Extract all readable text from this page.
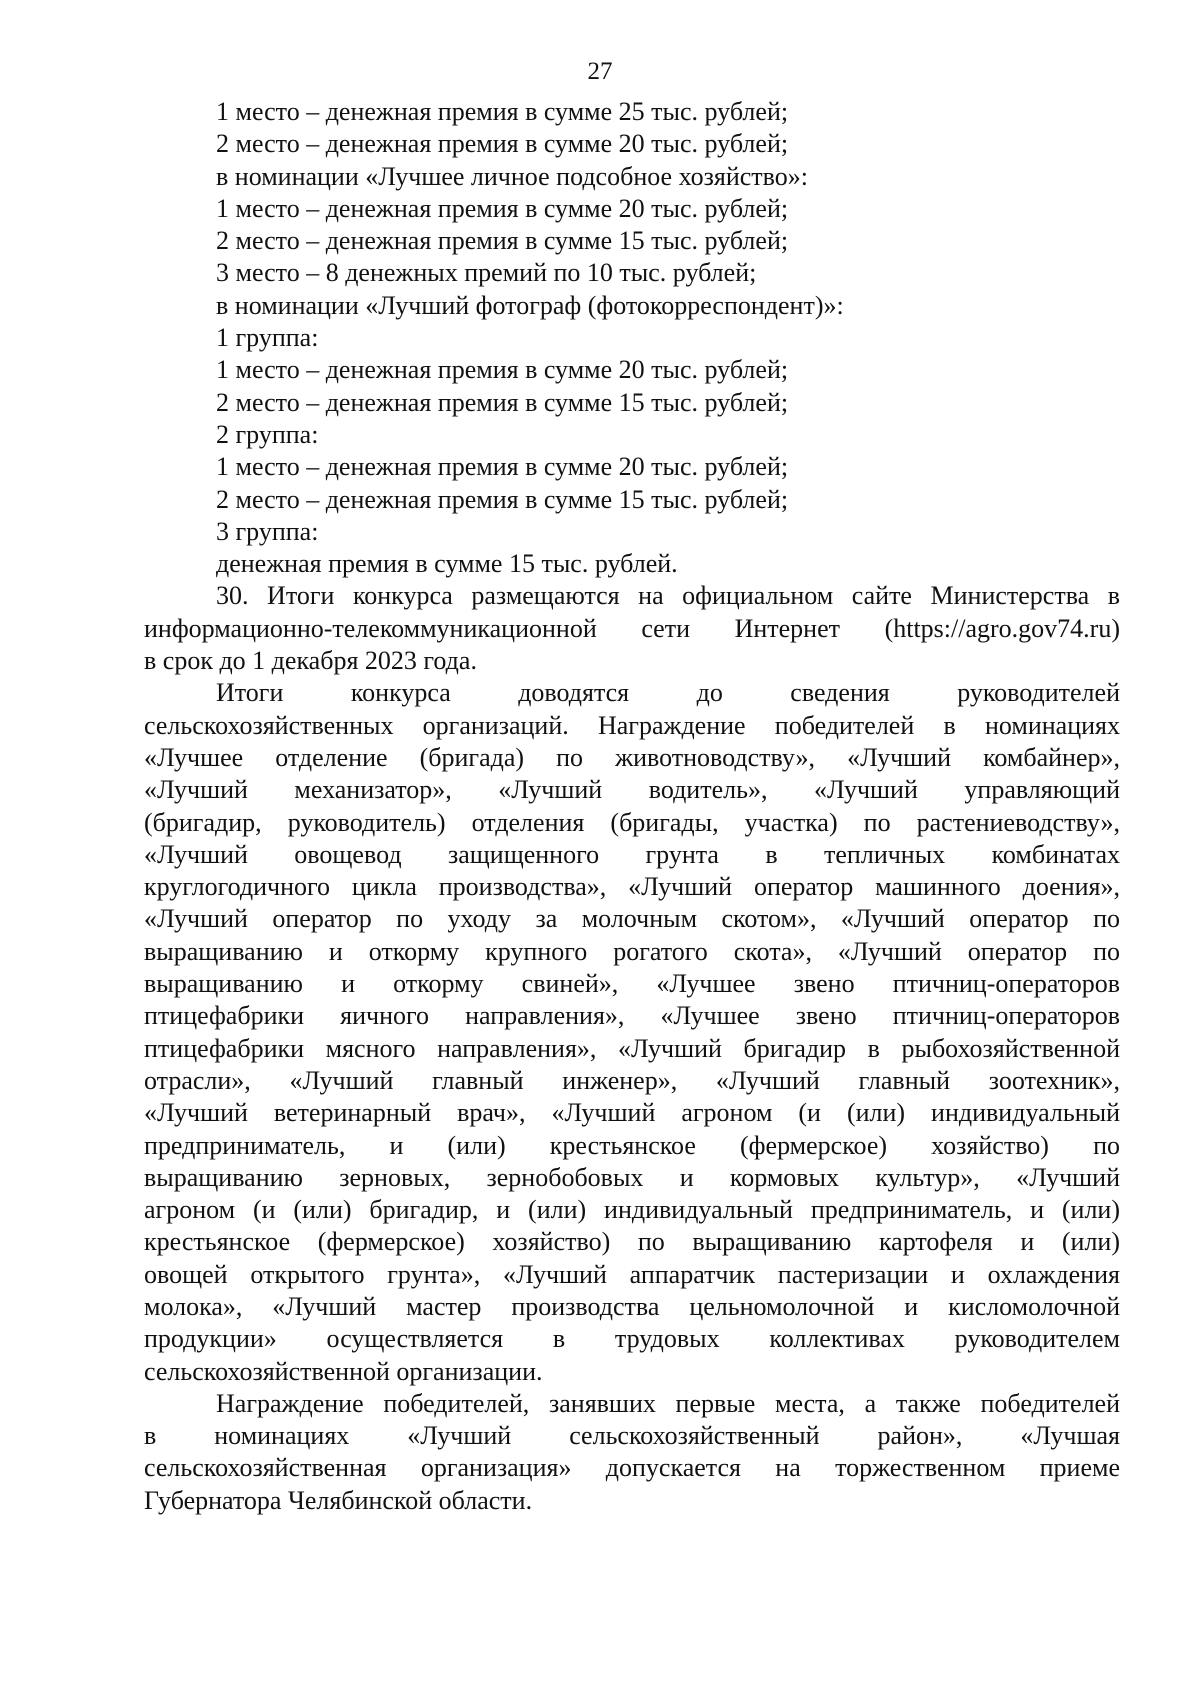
27
1 место – денежная премия в сумме 25 тыс. рублей;
2 место – денежная премия в сумме 20 тыс. рублей;
в номинации «Лучшее личное подсобное хозяйство»:
1 место – денежная премия в сумме 20 тыс. рублей;
2 место – денежная премия в сумме 15 тыс. рублей;
3 место – 8 денежных премий по 10 тыс. рублей;
в номинации «Лучший фотограф (фотокорреспондент)»:
1 группа:
1 место – денежная премия в сумме 20 тыс. рублей;
2 место – денежная премия в сумме 15 тыс. рублей;
2 группа:
1 место – денежная премия в сумме 20 тыс. рублей;
2 место – денежная премия в сумме 15 тыс. рублей;
3 группа:
денежная премия в сумме 15 тыс. рублей.
30. Итоги конкурса размещаются на официальном сайте Министерства в
информационно-телекоммуникационной сети Интернет (https://agro.gov74.ru)
в срок до 1 декабря 2023 года.
Итоги конкурса доводятся до сведения руководителей
сельскохозяйственных организаций. Награждение победителей в номинациях
«Лучшее отделение (бригада) по животноводству», «Лучший комбайнер»,
«Лучший механизатор», «Лучший водитель», «Лучший управляющий
(бригадир, руководитель) отделения (бригады, участка) по растениеводству»,
«Лучший овощевод защищенного грунта в тепличных комбинатах
круглогодичного цикла производства», «Лучший оператор машинного доения»,
«Лучший оператор по уходу за молочным скотом», «Лучший оператор по
выращиванию и откорму крупного рогатого скота», «Лучший оператор по
выращиванию и откорму свиней», «Лучшее звено птичниц-операторов
птицефабрики яичного направления», «Лучшее звено птичниц-операторов
птицефабрики мясного направления», «Лучший бригадир в рыбохозяйственной
отрасли», «Лучший главный инженер», «Лучший главный зоотехник»,
«Лучший ветеринарный врач», «Лучший агроном (и (или) индивидуальный
предприниматель, и (или) крестьянское (фермерское) хозяйство) по
выращиванию зерновых, зернобобовых и кормовых культур», «Лучший
агроном (и (или) бригадир, и (или) индивидуальный предприниматель, и (или)
крестьянское (фермерское) хозяйство) по выращиванию картофеля и (или)
овощей открытого грунта», «Лучший аппаратчик пастеризации и охлаждения
молока», «Лучший мастер производства цельномолочной и кисломолочной
продукции» осуществляется в трудовых коллективах руководителем
сельскохозяйственной организации.
Награждение победителей, занявших первые места, а также победителей
в номинациях «Лучший сельскохозяйственный район», «Лучшая
сельскохозяйственная организация» допускается на торжественном приеме
Губернатора Челябинской области.
